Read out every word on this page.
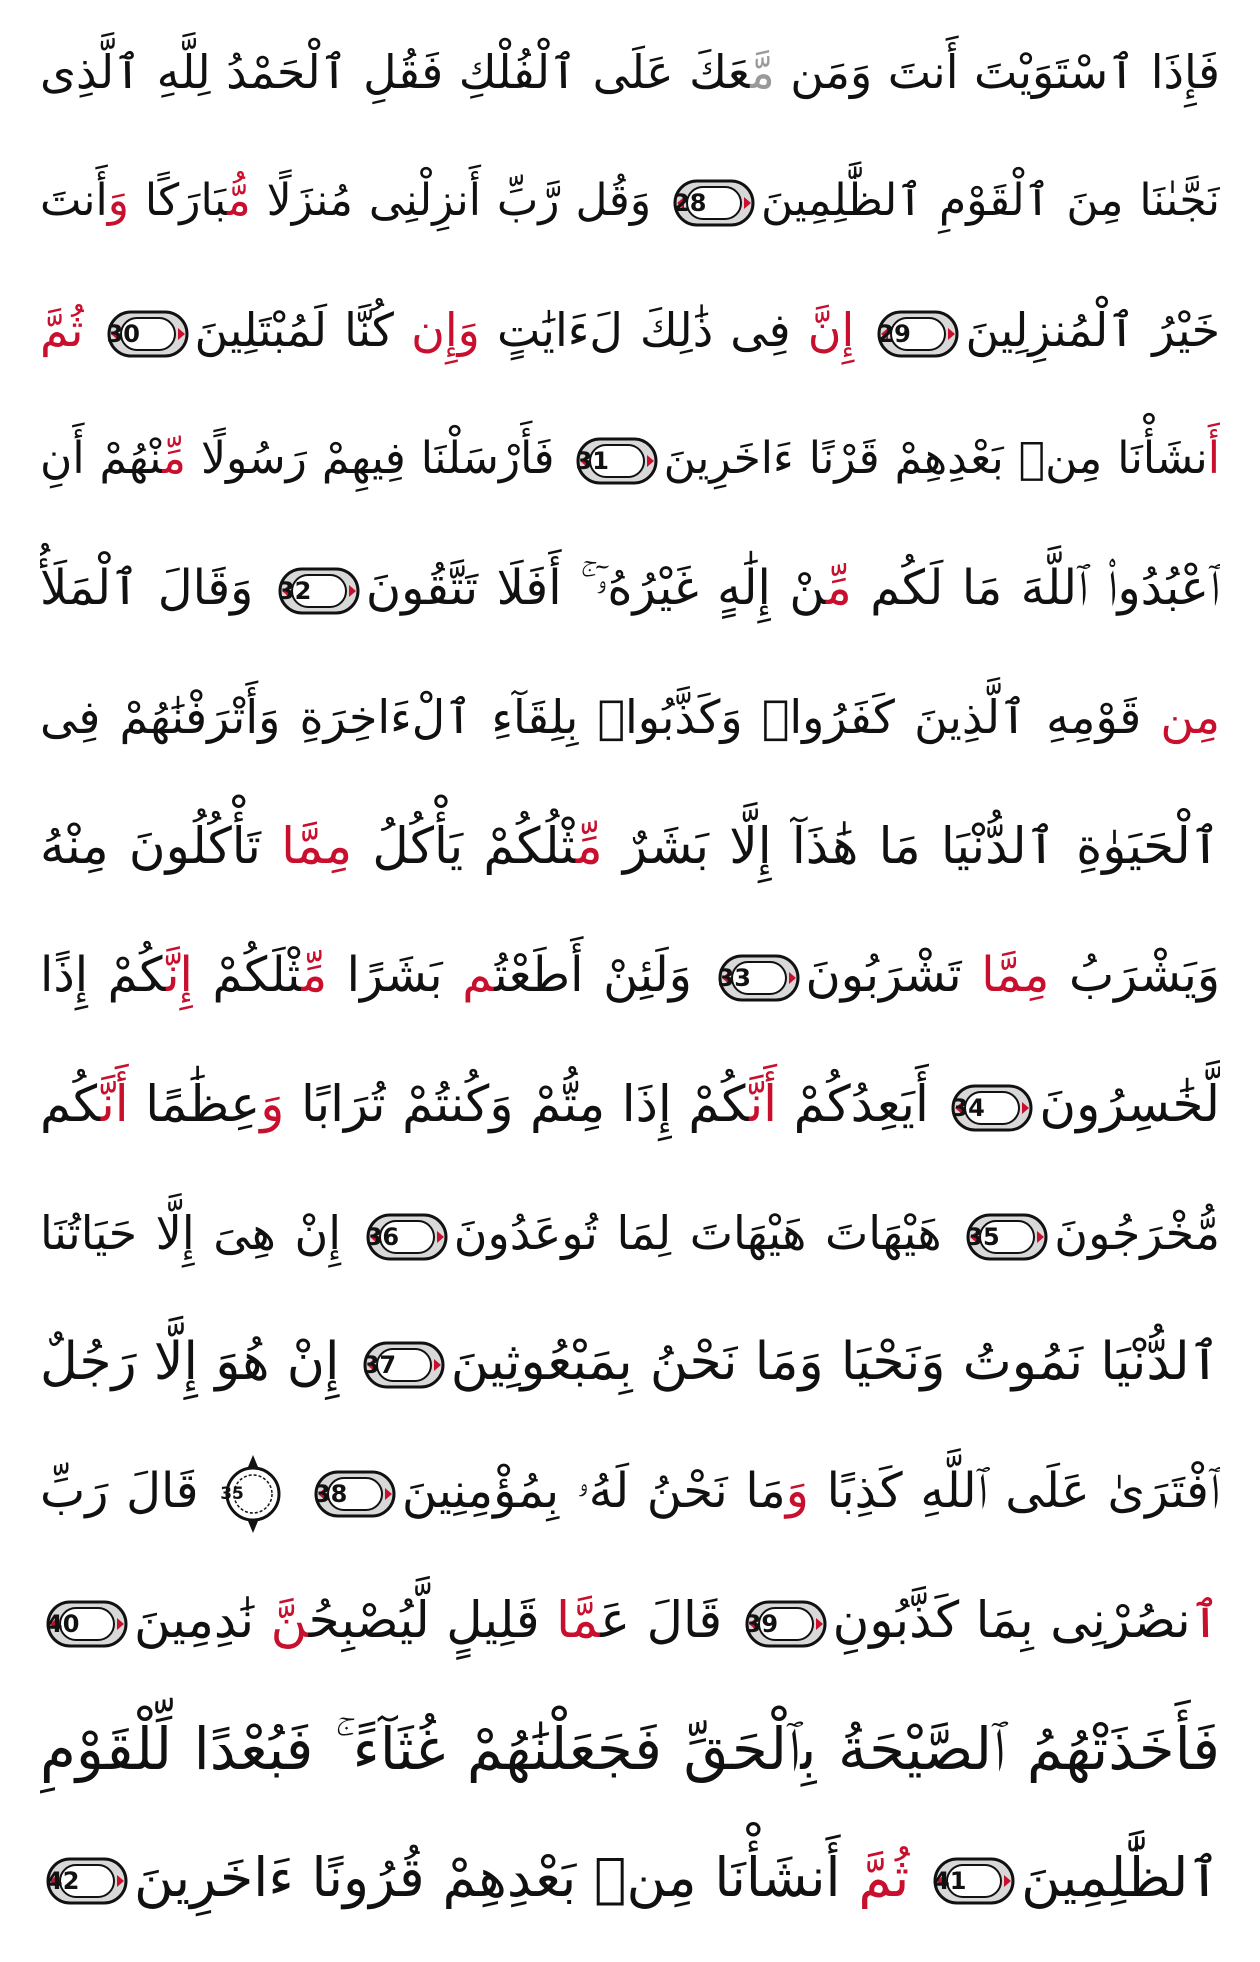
فَإِذَا ٱسْتَوَيْتَ أَنتَ وَمَن مَّعَكَ عَلَى ٱلْفُلْكِ فَقُلِ ٱلْحَمْدُ لِلَّهِ ٱلَّذِى
نَجَّىٰنَا مِنَ ٱلْقَوْمِ ٱلظَّٰلِمِينَ
28
وَقُل رَّبِّ أَنزِلْنِى مُنزَلًا مُّبَارَكًا وَأَنتَ
خَيْرُ ٱلْمُنزِلِينَ
29
إِنَّ فِى ذَٰلِكَ لَءَايَٰتٍ وَإِن كُنَّا لَمُبْتَلِينَ
30
ثُمَّ
أَنشَأْنَا مِنۢ بَعْدِهِمْ قَرْنًا ءَاخَرِينَ
31
فَأَرْسَلْنَا فِيهِمْ رَسُولًا مِّنْهُمْ أَنِ
ٱعْبُدُوا۟ ٱللَّهَ مَا لَكُم مِّنْ إِلَٰهٍ غَيْرُهُۥٓ ۚ أَفَلَا تَتَّقُونَ
32
وَقَالَ ٱلْمَلَأُ
مِن قَوْمِهِ ٱلَّذِينَ كَفَرُوا۟ وَكَذَّبُوا۟ بِلِقَآءِ ٱلْءَاخِرَةِ وَأَتْرَفْنَٰهُمْ فِى
ٱلْحَيَوٰةِ ٱلدُّنْيَا مَا هَٰذَآ إِلَّا بَشَرٌ مِّثْلُكُمْ يَأْكُلُ مِمَّا تَأْكُلُونَ مِنْهُ
وَيَشْرَبُ مِمَّا تَشْرَبُونَ
33
وَلَئِنْ أَطَعْتُم بَشَرًا مِّثْلَكُمْ إِنَّكُمْ إِذًا
لَّخَٰسِرُونَ
34
أَيَعِدُكُمْ أَنَّكُمْ إِذَا مِتُّمْ وَكُنتُمْ تُرَابًا وَعِظَٰمًا أَنَّكُم
مُّخْرَجُونَ
35
هَيْهَاتَ هَيْهَاتَ لِمَا تُوعَدُونَ
36
إِنْ هِىَ إِلَّا حَيَاتُنَا
ٱلدُّنْيَا نَمُوتُ وَنَحْيَا وَمَا نَحْنُ بِمَبْعُوثِينَ
37
إِنْ هُوَ إِلَّا رَجُلٌ
ٱفْتَرَىٰ عَلَى ٱللَّهِ كَذِبًا وَمَا نَحْنُ لَهُۥ بِمُؤْمِنِينَ
38

35
قَالَ رَبِّ
ٱنصُرْنِى بِمَا كَذَّبُونِ
39
قَالَ عَمَّا قَلِيلٍ لَّيُصْبِحُنَّ نَٰدِمِينَ
40
فَأَخَذَتْهُمُ ٱلصَّيْحَةُ بِٱلْحَقِّ فَجَعَلْنَٰهُمْ غُثَآءً ۚ فَبُعْدًا لِّلْقَوْمِ
ٱلظَّٰلِمِينَ
41
ثُمَّ أَنشَأْنَا مِنۢ بَعْدِهِمْ قُرُونًا ءَاخَرِينَ
42
